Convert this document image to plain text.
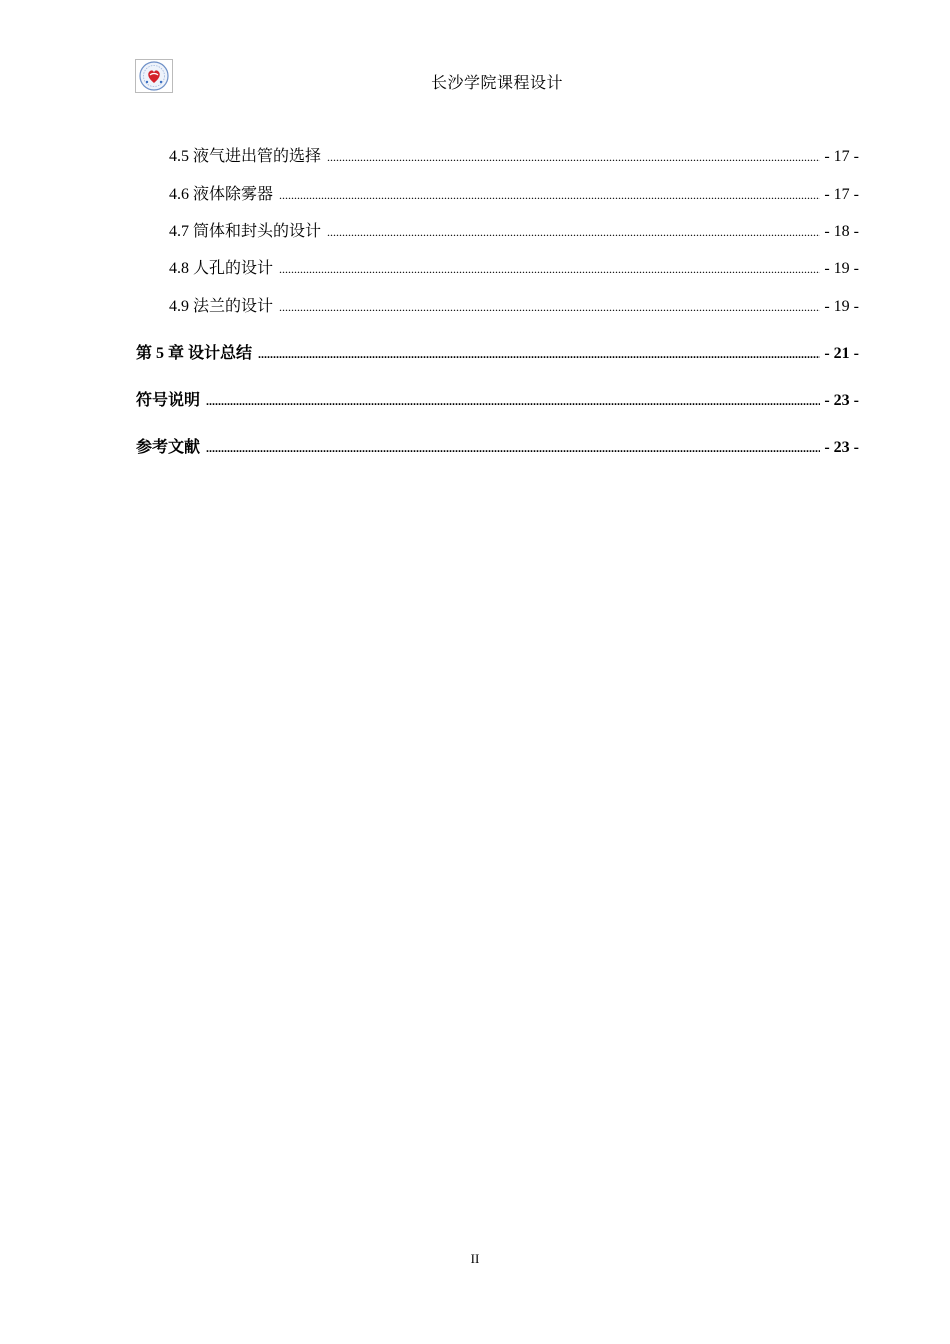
长沙学院课程设计
4.5 液气进出管的选择 .....	- 17 -
4.6 液体除雾器 .....	- 17 -
4.7 筒体和封头的设计 .....	- 18 -
4.8 人孔的设计 .....	- 19 -
4.9 法兰的设计 .....	- 19 -
第 5 章 设计总结 .....	- 21 -
符号说明 .....	- 23 -
参考文献 .....	- 23 -
II
